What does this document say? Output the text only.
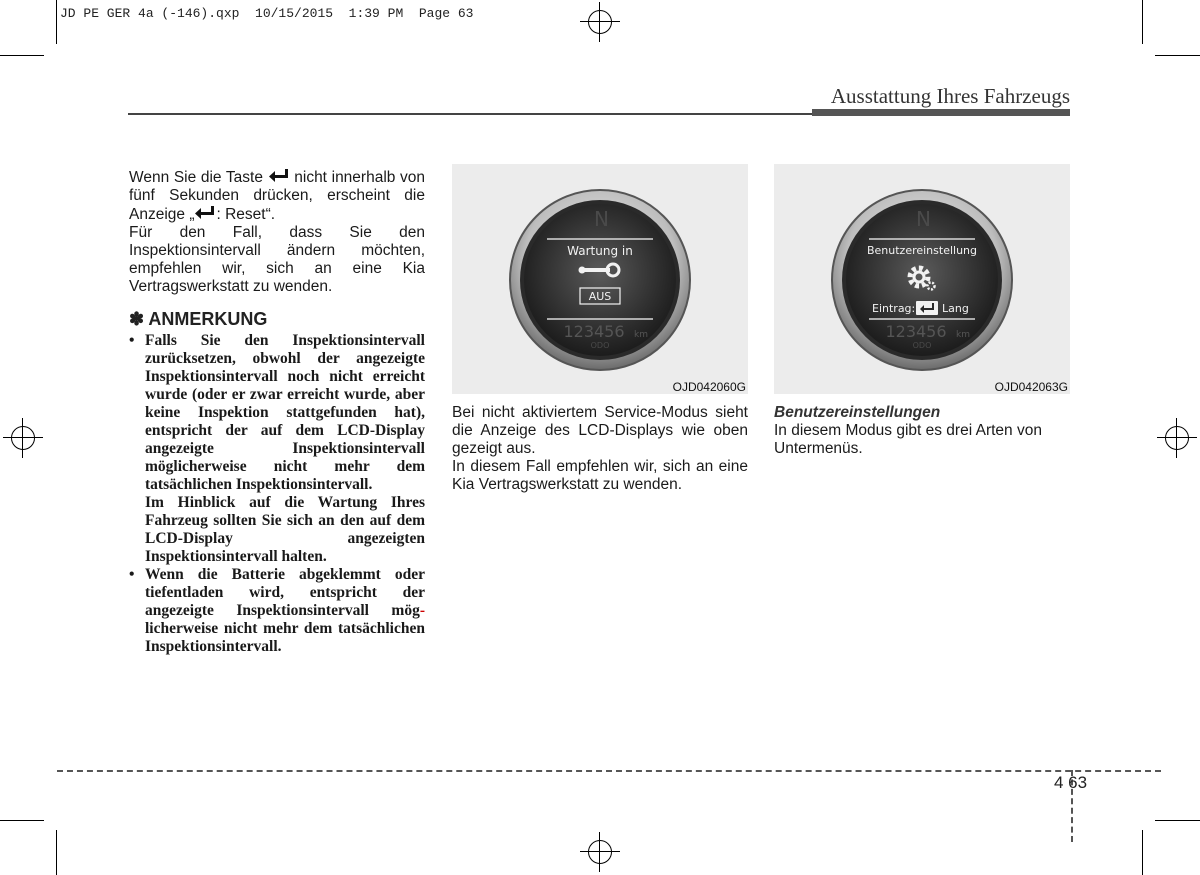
JD PE GER 4a (-146).qxp  10/15/2015  1:39 PM  Page 63
Ausstattung Ihres Fahrzeugs

Wenn Sie die Taste nicht innerhalb von fünf Sekunden drücken, erscheint die Anzeige „ : Reset“.

Für den Fall, dass Sie den Inspektionsintervall ändern möchten, empfehlen wir, sich an eine Kia Vertragswerkstatt zu wenden.

✽ ANMERKUNG
• Falls Sie den Inspektionsintervall zurücksetzen, obwohl der angezeigte Inspektionsintervall noch nicht erreicht wurde (oder er zwar erreicht wurde, aber keine Inspektion stattgefunden hat), entspricht der auf dem LCD-Display angezeigte Inspektionsintervall möglicherweise nicht mehr dem tatsächlichen Inspektionsintervall.
Im Hinblick auf die Wartung Ihres Fahrzeug sollten Sie sich an den auf dem LCD-Display angezeigten Inspektionsintervall halten.
• Wenn die Batterie abgeklemmt oder tiefentladen wird, entspricht der angezeigte Inspektionsintervall mög- licherweise nicht mehr dem tatsächlichen Inspektionsintervall.
N
Wartung in
AUS
123456 km
ODO
OJD042060G
N
Benutzereinstellung
Eintrag: Lang
123456 km
ODO
OJD042063G

Bei nicht aktiviertem Service-Modus sieht die Anzeige des LCD-Displays wie oben gezeigt aus.

In diesem Fall empfehlen wir, sich an eine Kia Vertragswerkstatt zu wenden.

Benutzereinstellungen

In diesem Modus gibt es drei Arten von Untermenüs.

4 63
